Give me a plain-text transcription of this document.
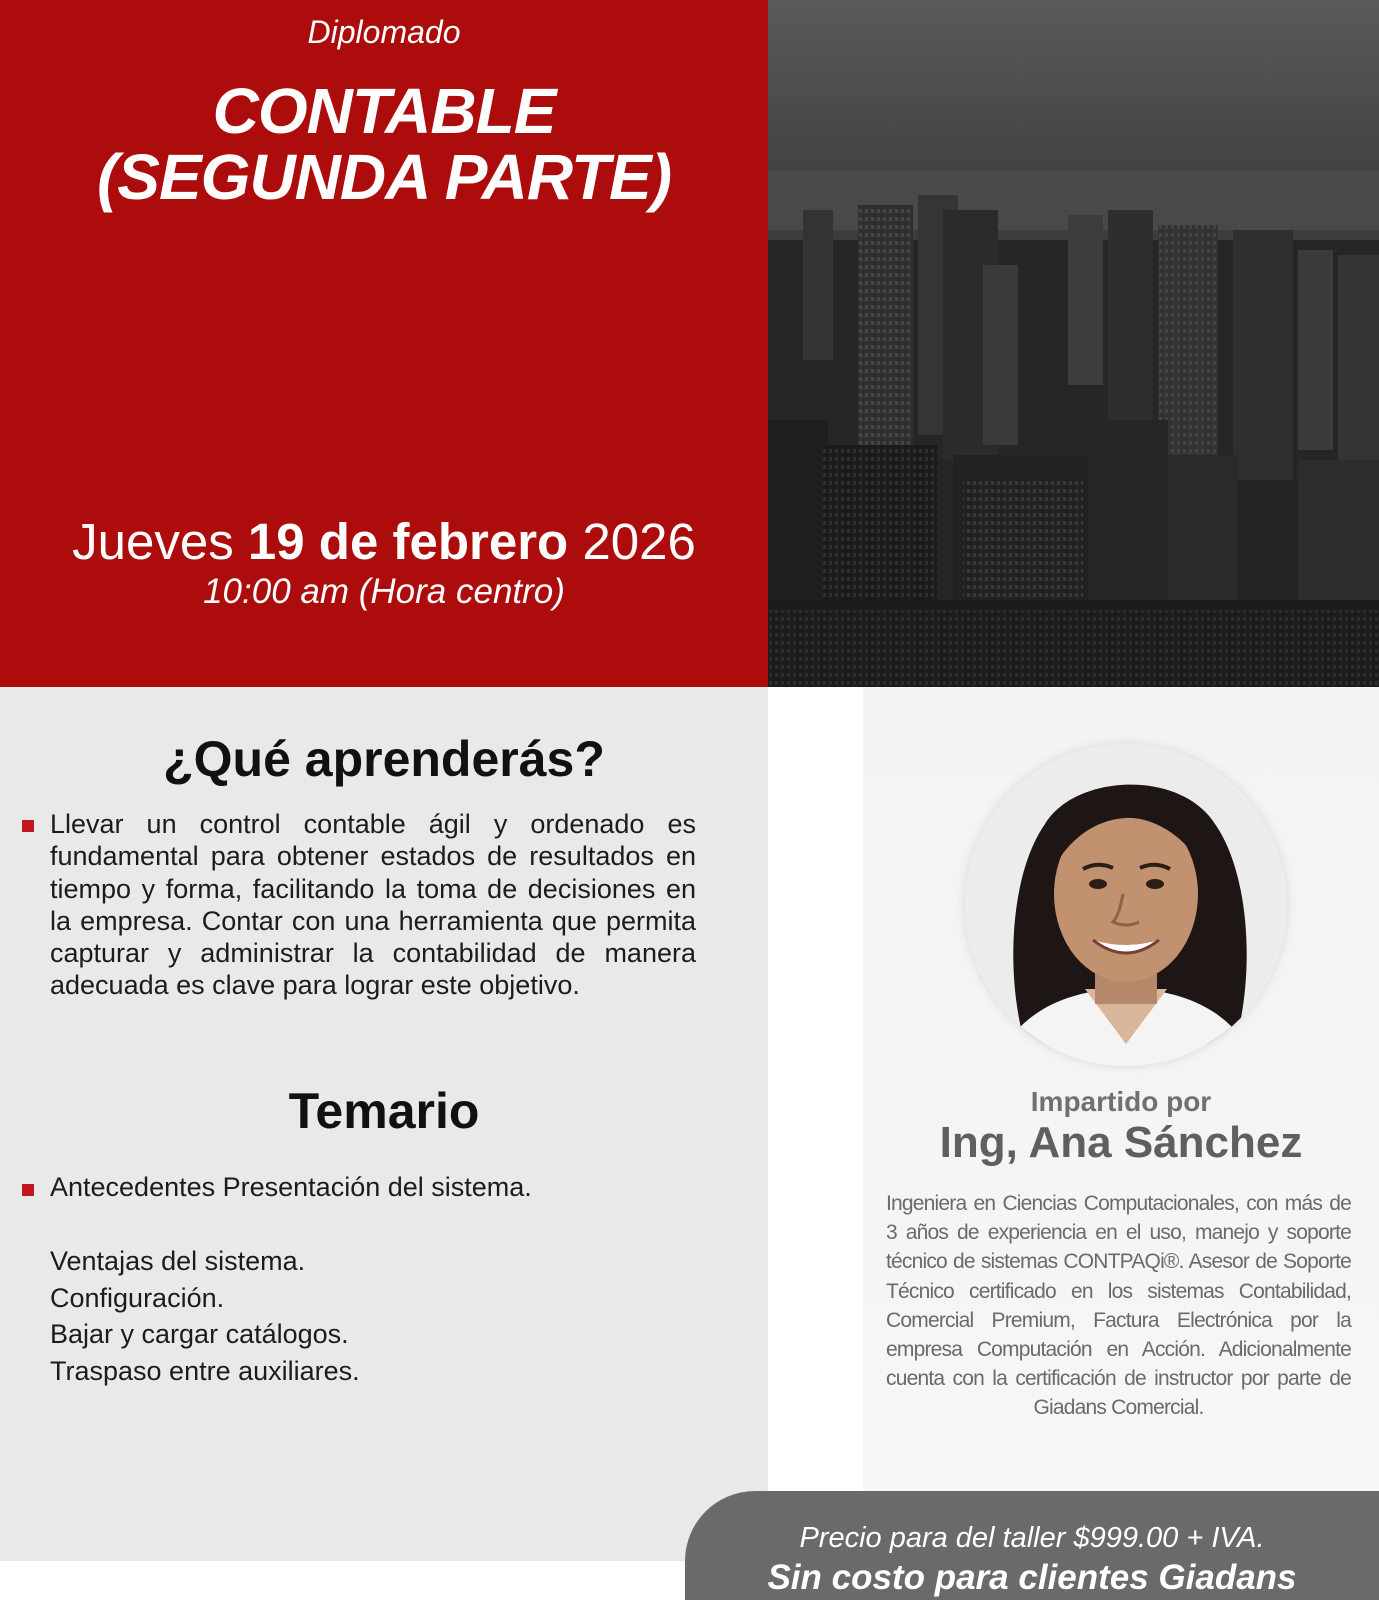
Diplomado
CONTABLE
(SEGUNDA PARTE)
Jueves 19 de febrero 2026
10:00 am (Hora centro)
¿Qué aprenderás?
Llevar un control contable ágil y ordenado es fundamental para obtener estados de resultados en tiempo y forma, facilitando la toma de decisiones en la empresa. Contar con una herramienta que permita capturar y administrar la contabilidad de manera adecuada es clave para lograr este objetivo.
Temario
Antecedentes Presentación del sistema.
Ventajas del sistema.
Configuración.
Bajar y cargar catálogos.
Traspaso entre auxiliares.
Impartido por
Ing, Ana Sánchez
Ingeniera en Ciencias Computacionales, con más de 3 años de experiencia en el uso, manejo y soporte técnico de sistemas CONTPAQi®. Asesor de Soporte Técnico certificado en los sistemas Contabilidad, Comercial Premium, Factura Electrónica por la empresa Computación en Acción. Adicionalmente cuenta con la certificación de instructor por parte de Giadans Comercial.
Precio para del taller $999.00 + IVA.
Sin costo para clientes Giadans
